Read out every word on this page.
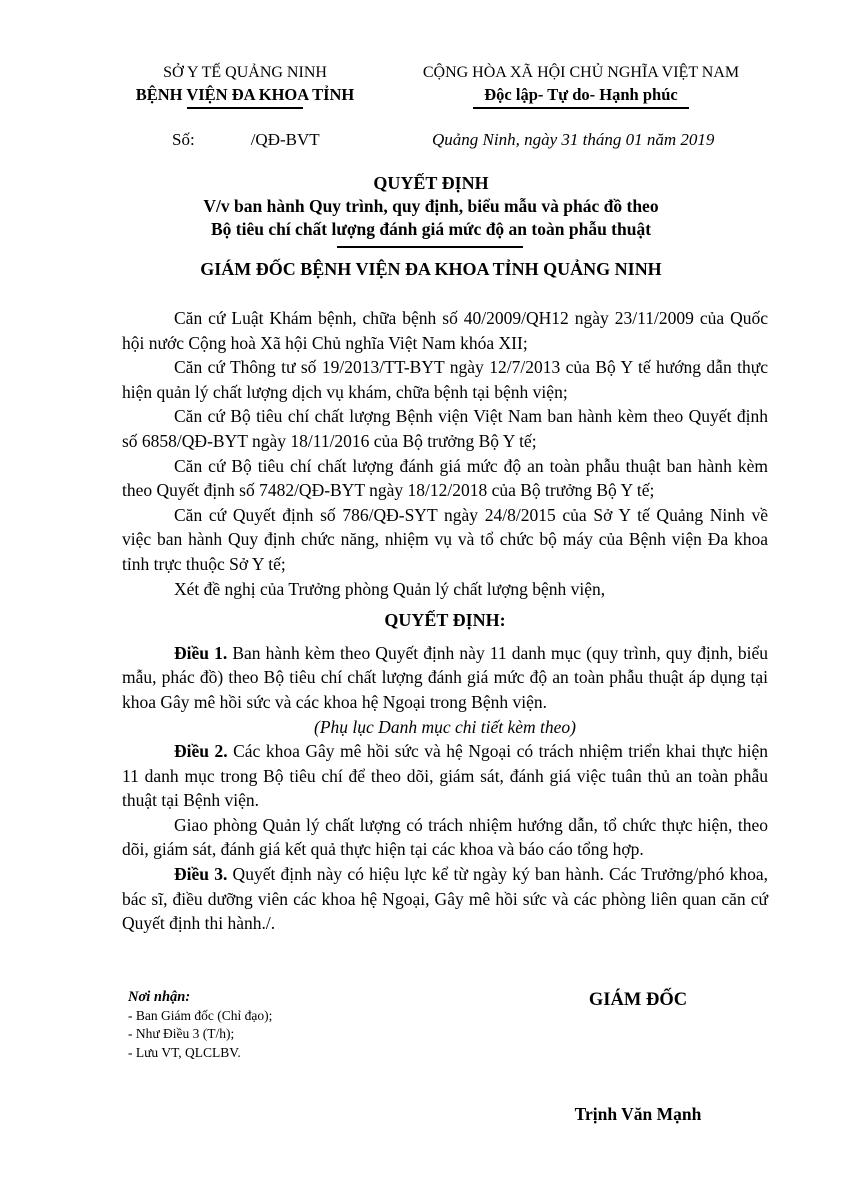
SỞ Y TẾ QUẢNG NINH
BỆNH VIỆN ĐA KHOA TỈNH
CỘNG HÒA XÃ HỘI CHỦ NGHĨA VIỆT NAM
Độc lập- Tự do- Hạnh phúc
Số:	/QĐ-BVT	Quảng Ninh, ngày 31 tháng 01 năm 2019
QUYẾT ĐỊNH
V/v ban hành Quy trình, quy định, biểu mẫu và phác đồ theo
Bộ tiêu chí chất lượng đánh giá mức độ an toàn phẫu thuật
GIÁM ĐỐC BỆNH VIỆN ĐA KHOA TỈNH QUẢNG NINH

Căn cứ Luật Khám bệnh, chữa bệnh số 40/2009/QH12 ngày 23/11/2009 của Quốc hội nước Cộng hoà Xã hội Chủ nghĩa Việt Nam khóa XII;

Căn cứ Thông tư số 19/2013/TT-BYT ngày 12/7/2013 của Bộ Y tế hướng dẫn thực hiện quản lý chất lượng dịch vụ khám, chữa bệnh tại bệnh viện;

Căn cứ Bộ tiêu chí chất lượng Bệnh viện Việt Nam ban hành kèm theo Quyết định số 6858/QĐ-BYT ngày 18/11/2016 của Bộ trưởng Bộ Y tế;

Căn cứ Bộ tiêu chí chất lượng đánh giá mức độ an toàn phẫu thuật ban hành kèm theo Quyết định số 7482/QĐ-BYT ngày 18/12/2018 của Bộ trưởng Bộ Y tế;

Căn cứ Quyết định số 786/QĐ-SYT ngày 24/8/2015 của Sở Y tế Quảng Ninh về việc ban hành Quy định chức năng, nhiệm vụ và tổ chức bộ máy của Bệnh viện Đa khoa tỉnh trực thuộc Sở Y tế;

Xét đề nghị của Trưởng phòng Quản lý chất lượng bệnh viện,

QUYẾT ĐỊNH:

Điều 1. Ban hành kèm theo Quyết định này 11 danh mục (quy trình, quy định, biểu mẫu, phác đồ) theo Bộ tiêu chí chất lượng đánh giá mức độ an toàn phẫu thuật áp dụng tại khoa Gây mê hồi sức và các khoa hệ Ngoại trong Bệnh viện.

(Phụ lục Danh mục chi tiết kèm theo)

Điều 2. Các khoa Gây mê hồi sức và hệ Ngoại có trách nhiệm triển khai thực hiện 11 danh mục trong Bộ tiêu chí để theo dõi, giám sát, đánh giá việc tuân thủ an toàn phẫu thuật tại Bệnh viện.

Giao phòng Quản lý chất lượng có trách nhiệm hướng dẫn, tổ chức thực hiện, theo dõi, giám sát, đánh giá kết quả thực hiện tại các khoa và báo cáo tổng hợp.

Điều 3. Quyết định này có hiệu lực kể từ ngày ký ban hành. Các Trưởng/phó khoa, bác sĩ, điều dưỡng viên các khoa hệ Ngoại, Gây mê hồi sức và các phòng liên quan căn cứ Quyết định thi hành./.

Nơi nhận:
- Ban Giám đốc (Chỉ đạo);
- Như Điều 3 (T/h);
- Lưu VT, QLCLBV.
GIÁM ĐỐC
Trịnh Văn Mạnh
